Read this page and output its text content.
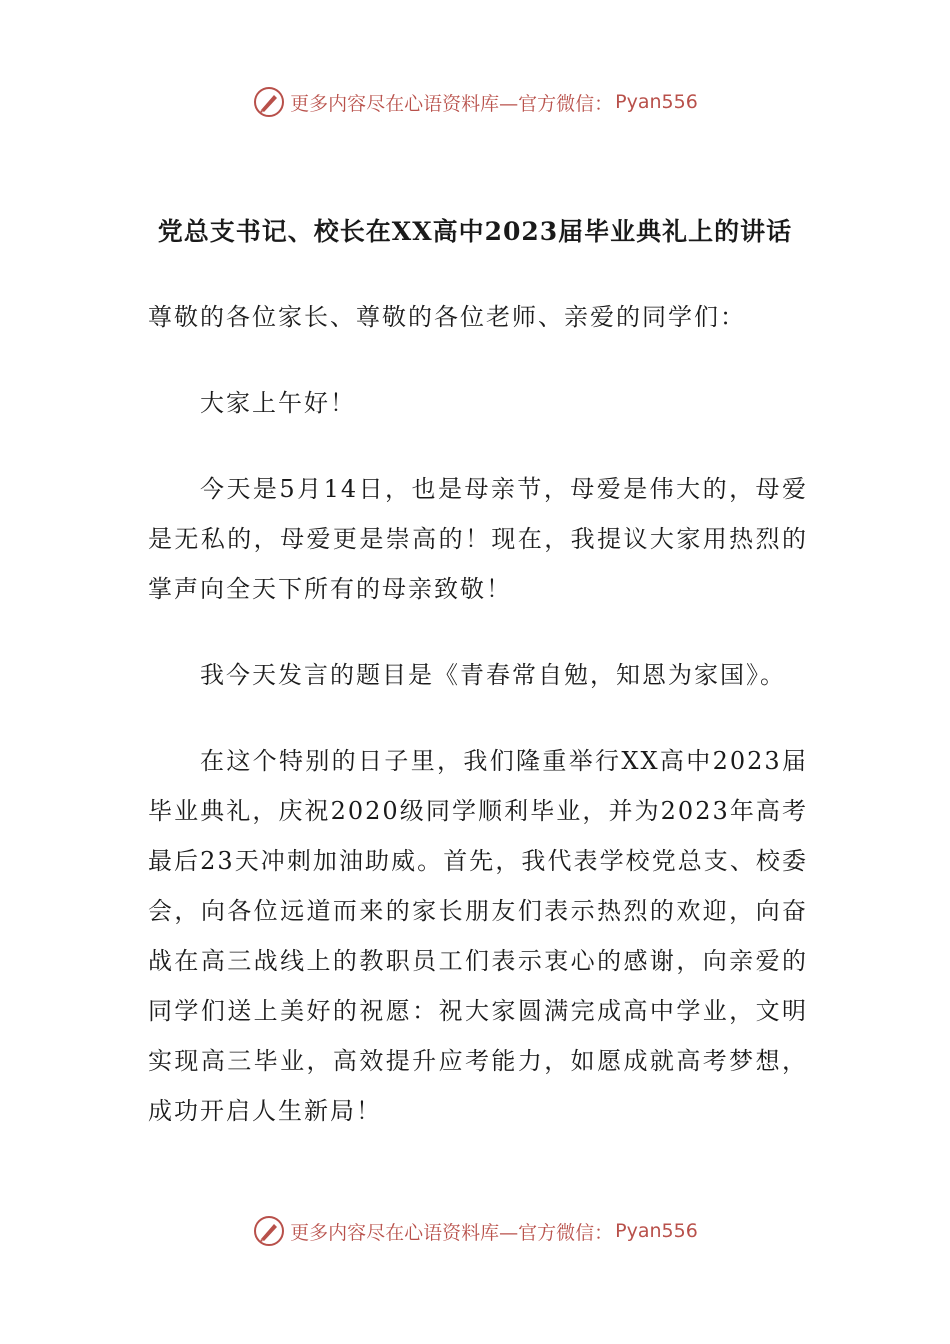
更多内容尽在心语资料库—官方微信： Pyan556
党总支书记、校长在XX高中2023届毕业典礼上的讲话

尊敬的各位家长、尊敬的各位老师、亲爱的同学们：

大家上午好！

今天是5月14日，也是母亲节，母爱是伟大的，母爱是无私的，母爱更是崇高的！现在，我提议大家用热烈的掌声向全天下所有的母亲致敬！

我今天发言的题目是《青春常自勉，知恩为家国》。

在这个特别的日子里，我们隆重举行XX高中2023届毕业典礼，庆祝2020级同学顺利毕业，并为2023年高考最后23天冲刺加油助威。首先，我代表学校党总支、校委会，向各位远道而来的家长朋友们表示热烈的欢迎，向奋战在高三战线上的教职员工们表示衷心的感谢，向亲爱的同学们送上美好的祝愿：祝大家圆满完成高中学业，文明实现高三毕业，高效提升应考能力，如愿成就高考梦想，成功开启人生新局！

更多内容尽在心语资料库—官方微信： Pyan556
